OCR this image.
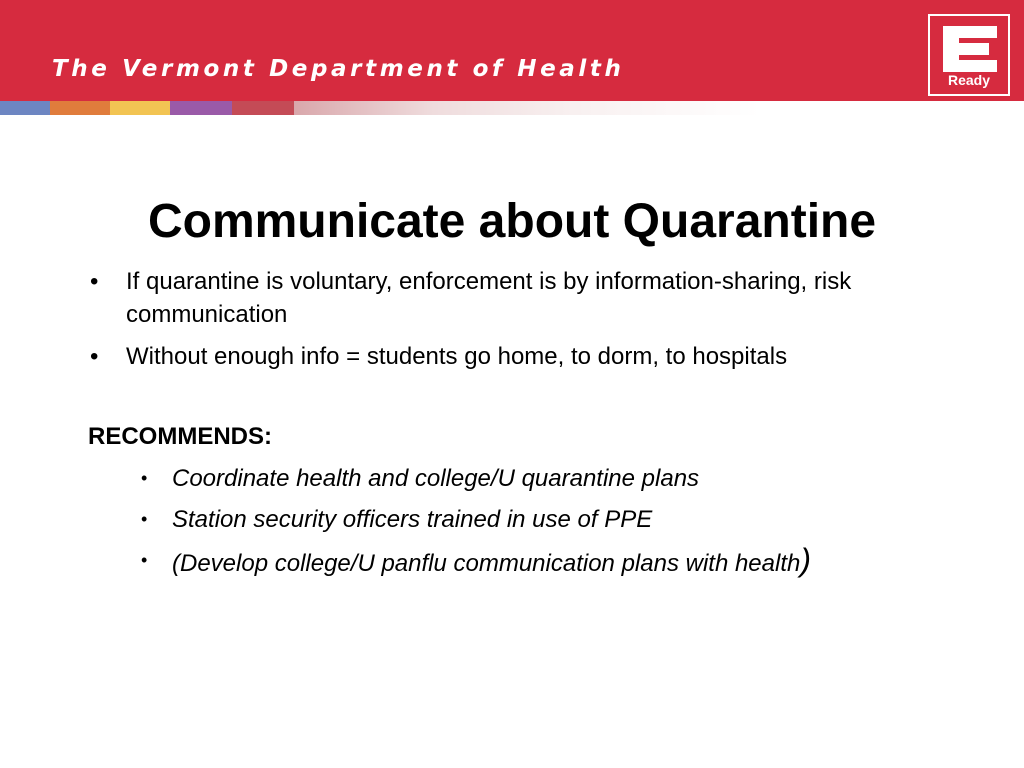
The Vermont Department of Health	Ready
Communicate about Quarantine
• If quarantine is voluntary, enforcement is by information-sharing, risk communication
• Without enough info = students go home, to dorm, to hospitals

RECOMMENDS:

• Coordinate health and college/U quarantine plans
• Station security officers trained in use of PPE
• (Develop college/U panflu communication plans with health)
